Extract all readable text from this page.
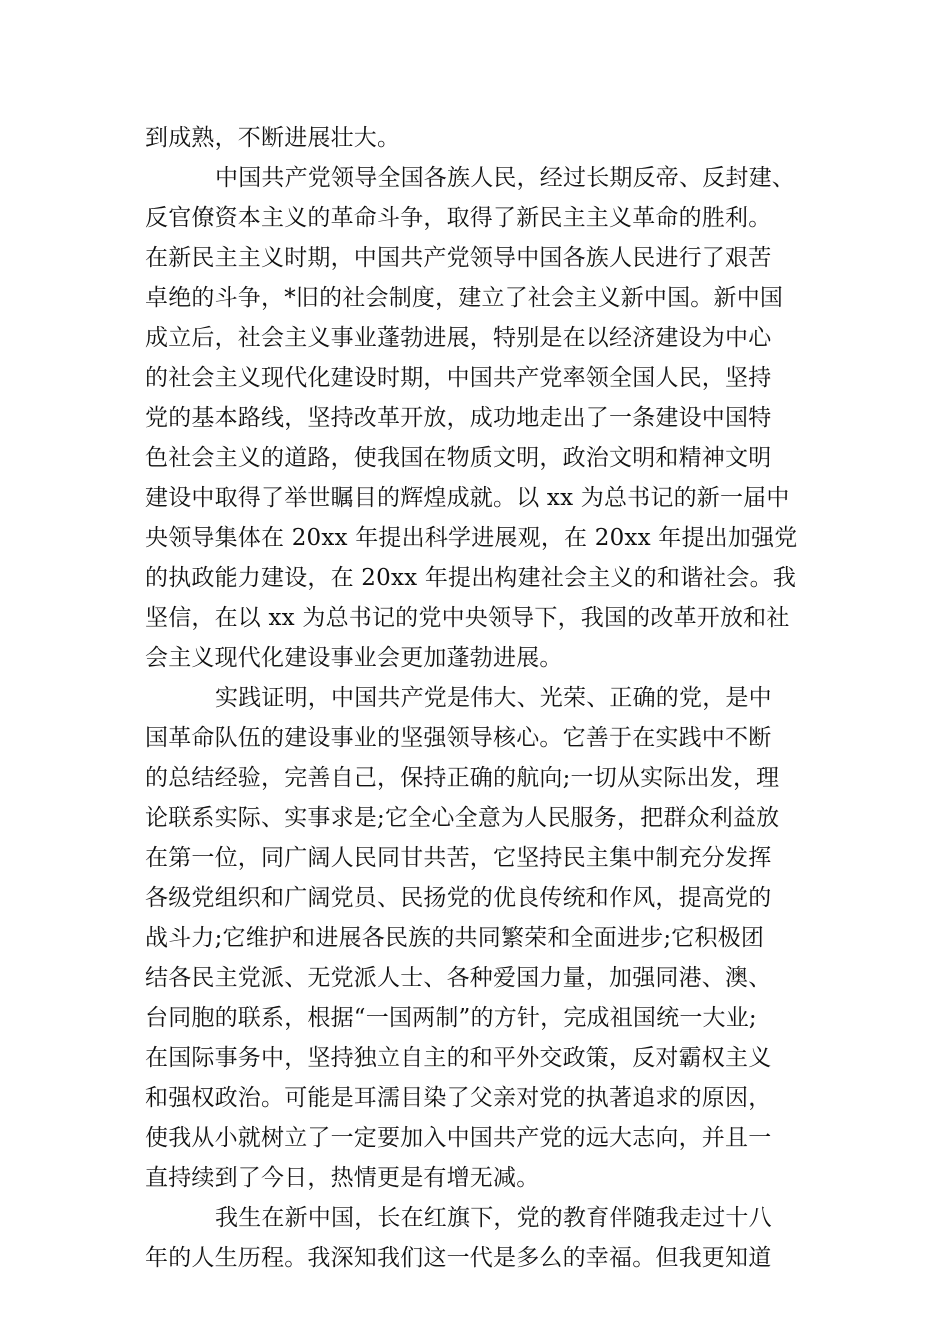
到成熟，不断进展壮大。
中国共产党领导全国各族人民，经过长期反帝、反封建、
反官僚资本主义的革命斗争，取得了新民主主义革命的胜利。
在新民主主义时期，中国共产党领导中国各族人民进行了艰苦
卓绝的斗争，*旧的社会制度，建立了社会主义新中国。新中国
成立后，社会主义事业蓬勃进展，特别是在以经济建设为中心
的社会主义现代化建设时期，中国共产党率领全国人民，坚持
党的基本路线，坚持改革开放，成功地走出了一条建设中国特
色社会主义的道路，使我国在物质文明，政治文明和精神文明
建设中取得了举世瞩目的辉煌成就。以 xx 为总书记的新一届中
央领导集体在 20xx 年提出科学进展观，在 20xx 年提出加强党
的执政能力建设，在 20xx 年提出构建社会主义的和谐社会。我
坚信，在以 xx 为总书记的党中央领导下，我国的改革开放和社
会主义现代化建设事业会更加蓬勃进展。
实践证明，中国共产党是伟大、光荣、正确的党，是中
国革命队伍的建设事业的坚强领导核心。它善于在实践中不断
的总结经验，完善自己，保持正确的航向;一切从实际出发，理
论联系实际、实事求是;它全心全意为人民服务，把群众利益放
在第一位，同广阔人民同甘共苦，它坚持民主集中制充分发挥
各级党组织和广阔党员、民扬党的优良传统和作风，提高党的
战斗力;它维护和进展各民族的共同繁荣和全面进步;它积极团
结各民主党派、无党派人士、各种爱国力量，加强同港、澳、
台同胞的联系，根据“一国两制”的方针，完成祖国统一大业;
在国际事务中，坚持独立自主的和平外交政策，反对霸权主义
和强权政治。可能是耳濡目染了父亲对党的执著追求的原因，
使我从小就树立了一定要加入中国共产党的远大志向，并且一
直持续到了今日，热情更是有增无减。
我生在新中国，长在红旗下，党的教育伴随我走过十八
年的人生历程。我深知我们这一代是多么的幸福。但我更知道
